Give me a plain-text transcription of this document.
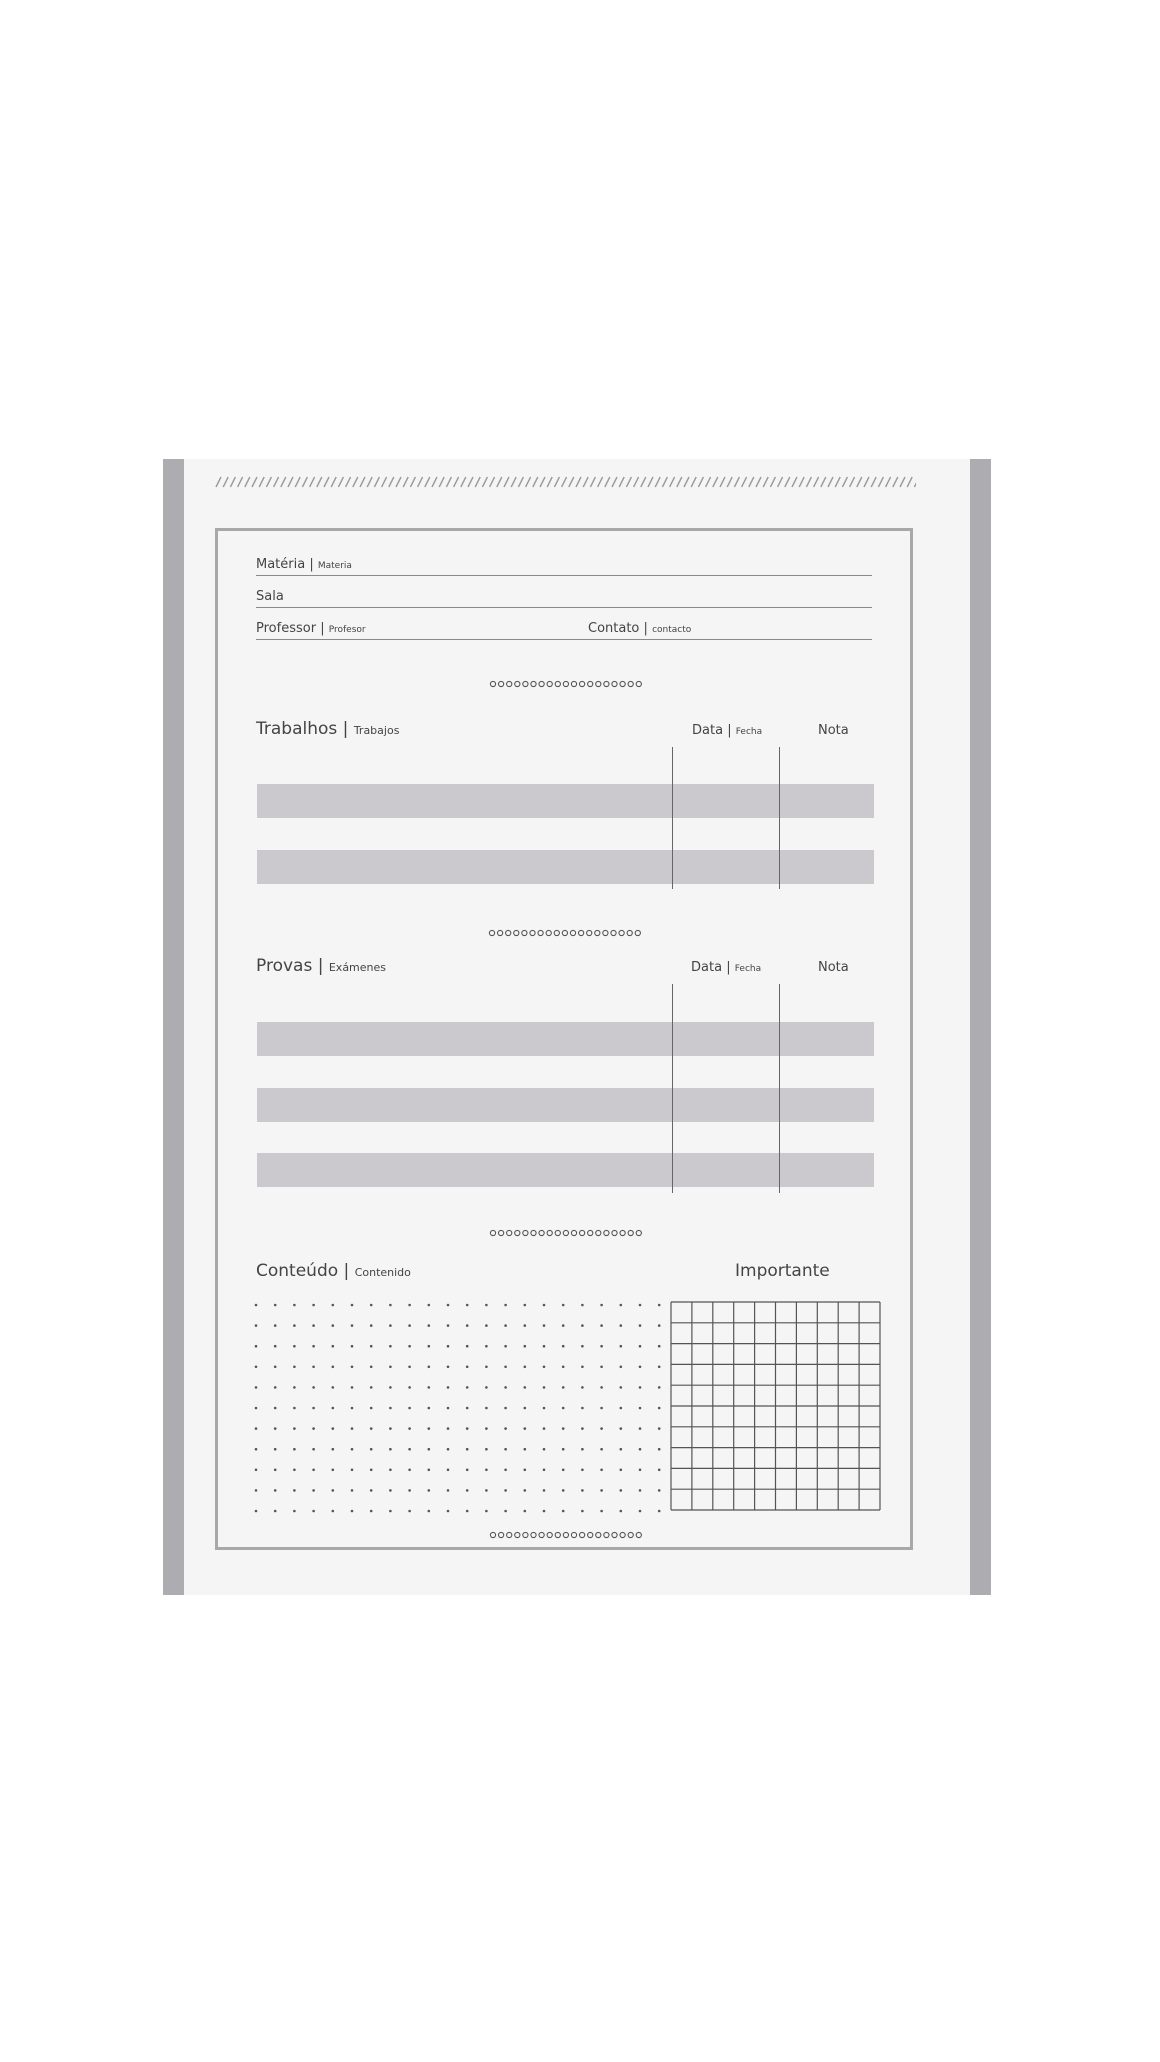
Matéria | Materia
Sala
Professor | Profesor	Contato | contacto
Trabalhos | Trabajos	Data | Fecha	Nota
Provas | Exámenes	Data | Fecha	Nota
Conteúdo | Contenido	Importante
